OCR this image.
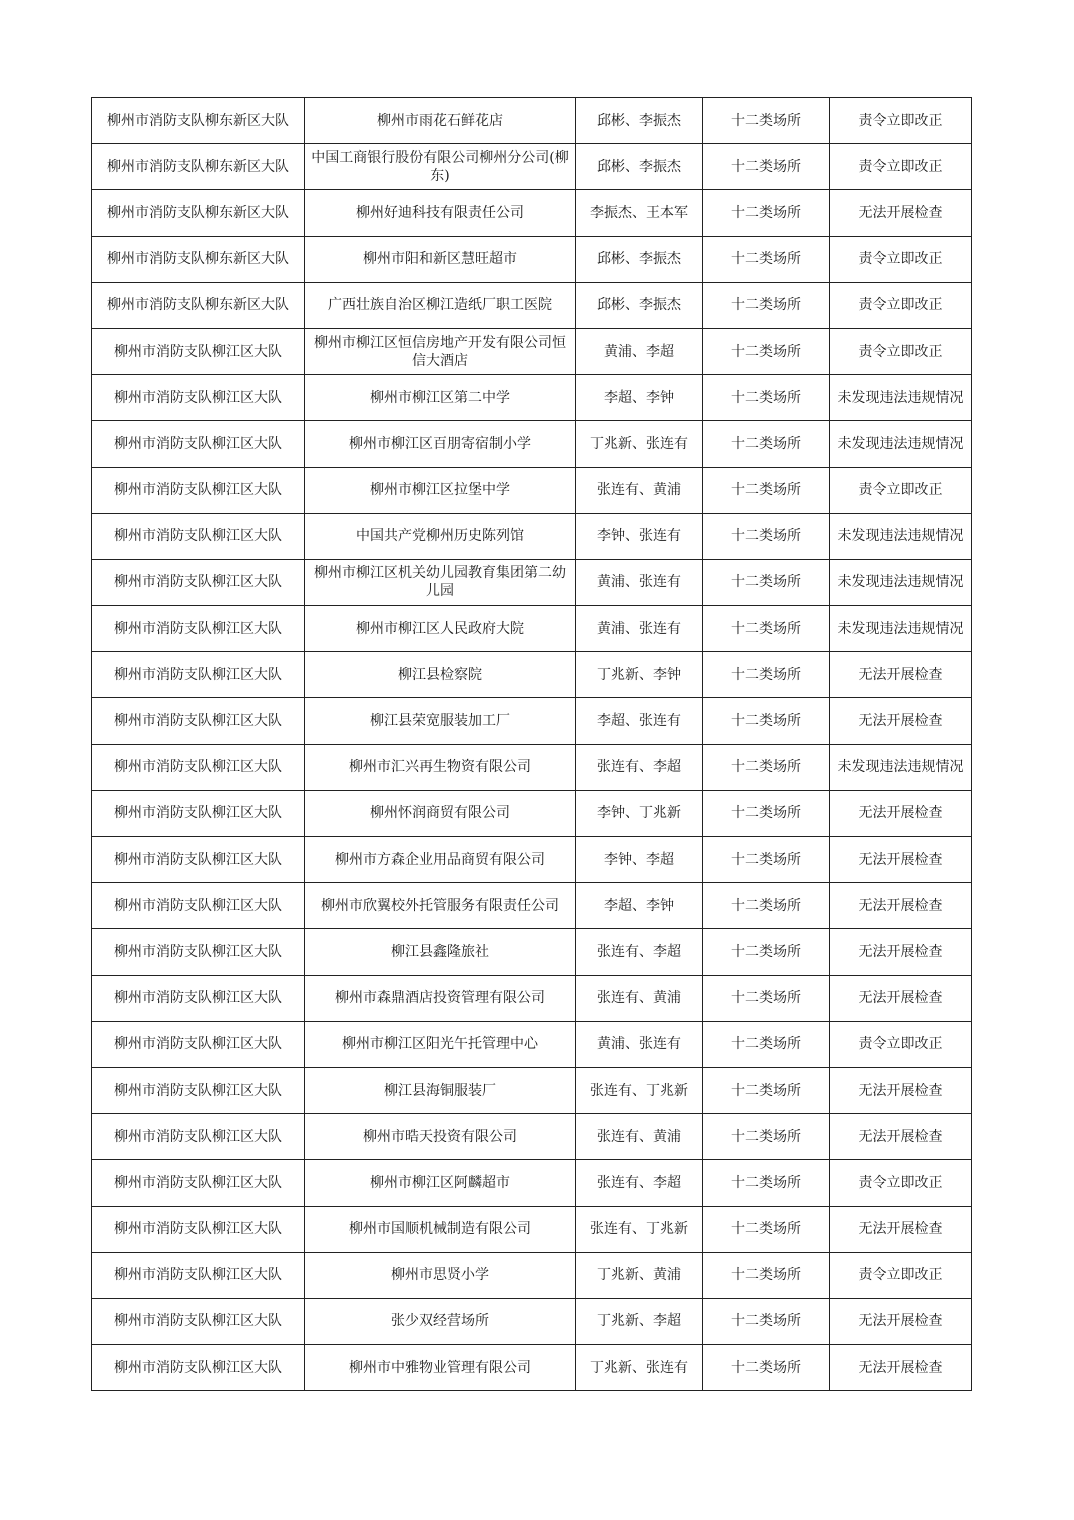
柳州市消防支队柳东新区大队	柳州市雨花石鲜花店	邱彬、李振杰	十二类场所	责令立即改正
柳州市消防支队柳东新区大队	中国工商银行股份有限公司柳州分公司(柳东)	邱彬、李振杰	十二类场所	责令立即改正
柳州市消防支队柳东新区大队	柳州好迪科技有限责任公司	李振杰、王本军	十二类场所	无法开展检查
柳州市消防支队柳东新区大队	柳州市阳和新区慧旺超市	邱彬、李振杰	十二类场所	责令立即改正
柳州市消防支队柳东新区大队	广西壮族自治区柳江造纸厂职工医院	邱彬、李振杰	十二类场所	责令立即改正
柳州市消防支队柳江区大队	柳州市柳江区恒信房地产开发有限公司恒信大酒店	黄浦、李超	十二类场所	责令立即改正
柳州市消防支队柳江区大队	柳州市柳江区第二中学	李超、李钟	十二类场所	未发现违法违规情况
柳州市消防支队柳江区大队	柳州市柳江区百朋寄宿制小学	丁兆新、张连有	十二类场所	未发现违法违规情况
柳州市消防支队柳江区大队	柳州市柳江区拉堡中学	张连有、黄浦	十二类场所	责令立即改正
柳州市消防支队柳江区大队	中国共产党柳州历史陈列馆	李钟、张连有	十二类场所	未发现违法违规情况
柳州市消防支队柳江区大队	柳州市柳江区机关幼儿园教育集团第二幼儿园	黄浦、张连有	十二类场所	未发现违法违规情况
柳州市消防支队柳江区大队	柳州市柳江区人民政府大院	黄浦、张连有	十二类场所	未发现违法违规情况
柳州市消防支队柳江区大队	柳江县检察院	丁兆新、李钟	十二类场所	无法开展检查
柳州市消防支队柳江区大队	柳江县荣宽服装加工厂	李超、张连有	十二类场所	无法开展检查
柳州市消防支队柳江区大队	柳州市汇兴再生物资有限公司	张连有、李超	十二类场所	未发现违法违规情况
柳州市消防支队柳江区大队	柳州怀润商贸有限公司	李钟、丁兆新	十二类场所	无法开展检查
柳州市消防支队柳江区大队	柳州市方森企业用品商贸有限公司	李钟、李超	十二类场所	无法开展检查
柳州市消防支队柳江区大队	柳州市欣翼校外托管服务有限责任公司	李超、李钟	十二类场所	无法开展检查
柳州市消防支队柳江区大队	柳江县鑫隆旅社	张连有、李超	十二类场所	无法开展检查
柳州市消防支队柳江区大队	柳州市森鼎酒店投资管理有限公司	张连有、黄浦	十二类场所	无法开展检查
柳州市消防支队柳江区大队	柳州市柳江区阳光午托管理中心	黄浦、张连有	十二类场所	责令立即改正
柳州市消防支队柳江区大队	柳江县海铜服装厂	张连有、丁兆新	十二类场所	无法开展检查
柳州市消防支队柳江区大队	柳州市晧天投资有限公司	张连有、黄浦	十二类场所	无法开展检查
柳州市消防支队柳江区大队	柳州市柳江区阿麟超市	张连有、李超	十二类场所	责令立即改正
柳州市消防支队柳江区大队	柳州市国顺机械制造有限公司	张连有、丁兆新	十二类场所	无法开展检查
柳州市消防支队柳江区大队	柳州市思贤小学	丁兆新、黄浦	十二类场所	责令立即改正
柳州市消防支队柳江区大队	张少双经营场所	丁兆新、李超	十二类场所	无法开展检查
柳州市消防支队柳江区大队	柳州市中雅物业管理有限公司	丁兆新、张连有	十二类场所	无法开展检查
